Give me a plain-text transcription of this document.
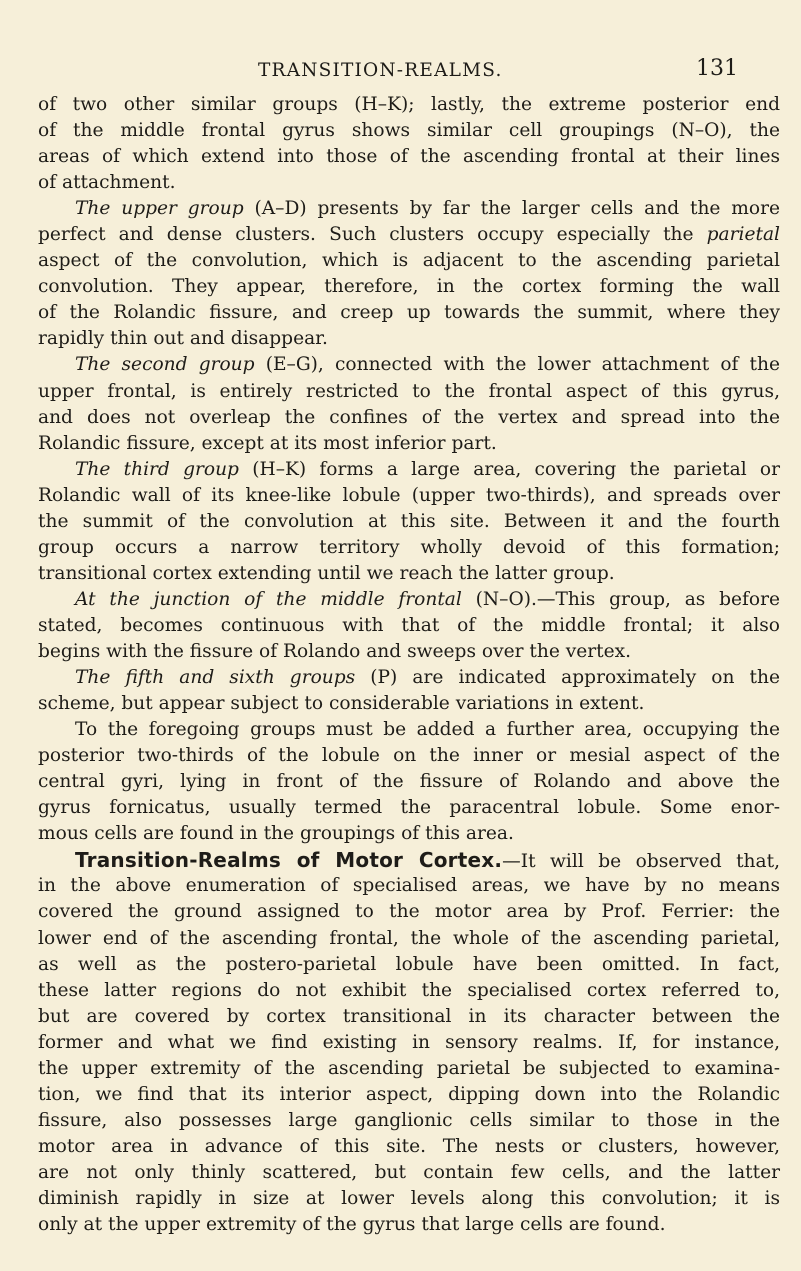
TRANSITION-REALMS.	131
of two other similar groups (H–K); lastly, the extreme posterior end
of the middle frontal gyrus shows similar cell groupings (N–O), the
areas of which extend into those of the ascending frontal at their lines
of attachment.
The upper group (A–D) presents by far the larger cells and the more
perfect and dense clusters. Such clusters occupy especially the parietal
aspect of the convolution, which is adjacent to the ascending parietal
convolution. They appear, therefore, in the cortex forming the wall
of the Rolandic fissure, and creep up towards the summit, where they
rapidly thin out and disappear.
The second group (E–G), connected with the lower attachment of the
upper frontal, is entirely restricted to the frontal aspect of this gyrus,
and does not overleap the confines of the vertex and spread into the
Rolandic fissure, except at its most inferior part.
The third group (H–K) forms a large area, covering the parietal or
Rolandic wall of its knee-like lobule (upper two-thirds), and spreads over
the summit of the convolution at this site. Between it and the fourth
group occurs a narrow territory wholly devoid of this formation;
transitional cortex extending until we reach the latter group.
At the junction of the middle frontal (N–O).—This group, as before
stated, becomes continuous with that of the middle frontal; it also
begins with the fissure of Rolando and sweeps over the vertex.
The fifth and sixth groups (P) are indicated approximately on the
scheme, but appear subject to considerable variations in extent.
To the foregoing groups must be added a further area, occupying the
posterior two-thirds of the lobule on the inner or mesial aspect of the
central gyri, lying in front of the fissure of Rolando and above the
gyrus fornicatus, usually termed the paracentral lobule. Some enor-
mous cells are found in the groupings of this area.
Transition-Realms of Motor Cortex.—It will be observed that,
in the above enumeration of specialised areas, we have by no means
covered the ground assigned to the motor area by Prof. Ferrier: the
lower end of the ascending frontal, the whole of the ascending parietal,
as well as the postero-parietal lobule have been omitted. In fact,
these latter regions do not exhibit the specialised cortex referred to,
but are covered by cortex transitional in its character between the
former and what we find existing in sensory realms. If, for instance,
the upper extremity of the ascending parietal be subjected to examina-
tion, we find that its interior aspect, dipping down into the Rolandic
fissure, also possesses large ganglionic cells similar to those in the
motor area in advance of this site. The nests or clusters, however,
are not only thinly scattered, but contain few cells, and the latter
diminish rapidly in size at lower levels along this convolution; it is
only at the upper extremity of the gyrus that large cells are found.
